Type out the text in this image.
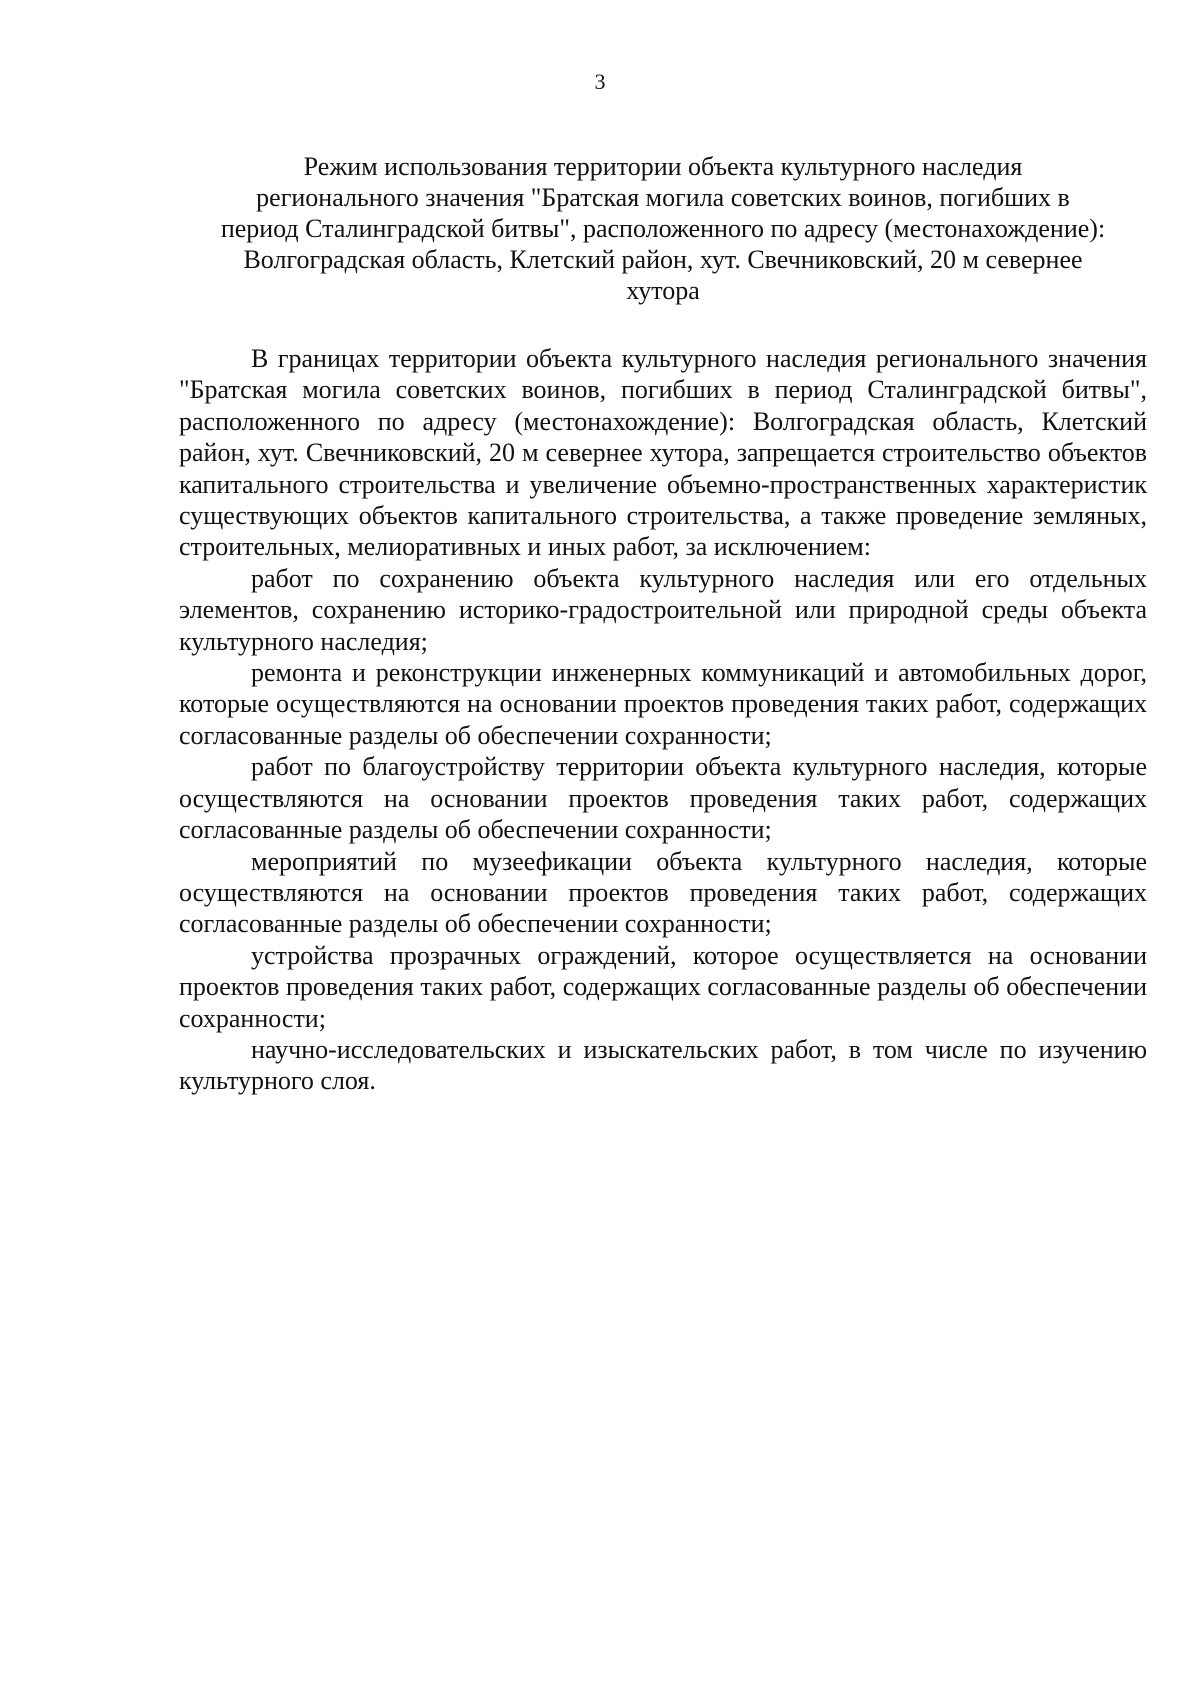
3
Режим использования территории объекта культурного наследия
регионального значения "Братская могила советских воинов, погибших в
период Сталинградской битвы", расположенного по адресу (местонахождение):
Волгоградская область, Клетский район, хут. Свечниковский, 20 м севернее
хутора

В границах территории объекта культурного наследия регионального значения "Братская могила советских воинов, погибших в период Сталинградской битвы", расположенного по адресу (местонахождение): Волгоградская область, Клетский район, хут. Свечниковский, 20 м севернее хутора, запрещается строительство объектов капитального строительства и увеличение объемно-пространственных характеристик существующих объектов капитального строительства, а также проведение земляных, строительных, мелиоративных и иных работ, за исключением:

работ по сохранению объекта культурного наследия или его отдельных элементов, сохранению историко-градостроительной или природной среды объекта культурного наследия;

ремонта и реконструкции инженерных коммуникаций и автомобильных дорог, которые осуществляются на основании проектов проведения таких работ, содержащих согласованные разделы об обеспечении сохранности;

работ по благоустройству территории объекта культурного наследия, которые осуществляются на основании проектов проведения таких работ, содержащих согласованные разделы об обеспечении сохранности;

мероприятий по музеефикации объекта культурного наследия, которые осуществляются на основании проектов проведения таких работ, содержащих согласованные разделы об обеспечении сохранности;

устройства прозрачных ограждений, которое осуществляется на основании проектов проведения таких работ, содержащих согласованные разделы об обеспечении сохранности;

научно-исследовательских и изыскательских работ, в том числе по изучению культурного слоя.
